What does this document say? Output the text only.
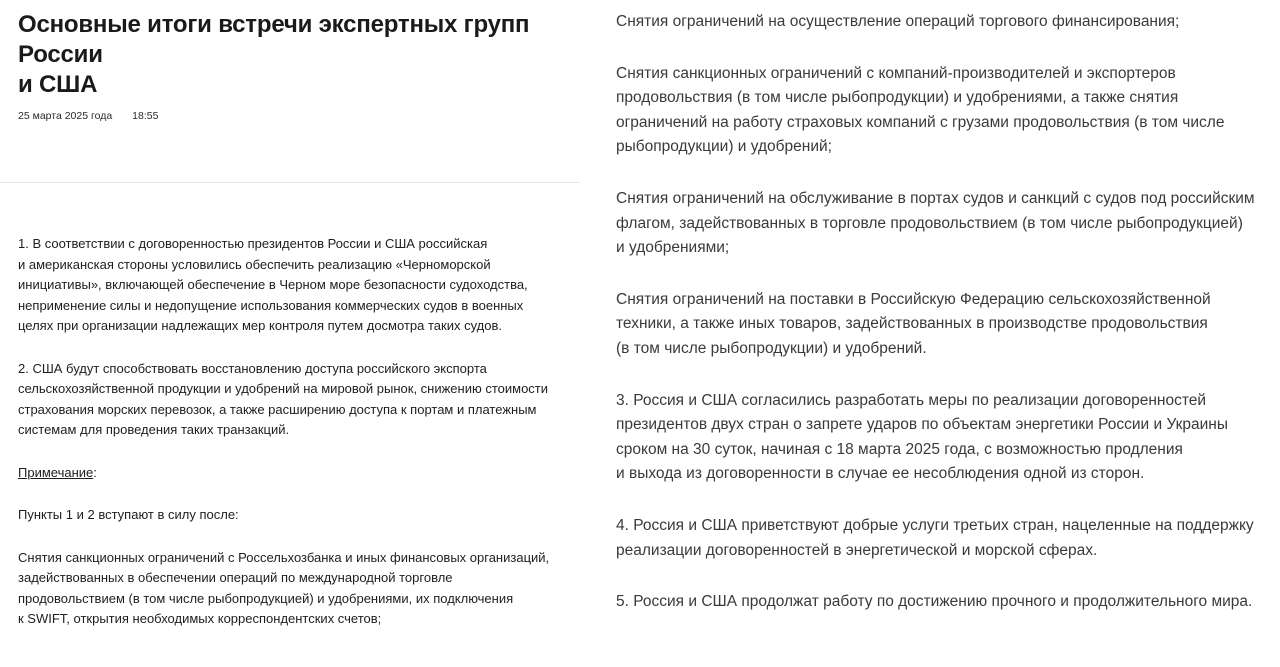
Основные итоги встречи экспертных групп России
и США
25 марта 2025 года 18:55
1. В соответствии с договоренностью президентов России и США российская
и американская стороны условились обеспечить реализацию «Черноморской
инициативы», включающей обеспечение в Черном море безопасности судоходства,
неприменение силы и недопущение использования коммерческих судов в военных
целях при организации надлежащих мер контроля путем досмотра таких судов.
2. США будут способствовать восстановлению доступа российского экспорта
сельскохозяйственной продукции и удобрений на мировой рынок, снижению стоимости
страхования морских перевозок, а также расширению доступа к портам и платежным
системам для проведения таких транзакций.
Примечание:
Пункты 1 и 2 вступают в силу после:
Снятия санкционных ограничений с Россельхозбанка и иных финансовых организаций,
задействованных в обеспечении операций по международной торговле
продовольствием (в том числе рыбопродукцией) и удобрениями, их подключения
к SWIFT, открытия необходимых корреспондентских счетов;
Снятия ограничений на осуществление операций торгового финансирования;
Снятия санкционных ограничений с компаний-производителей и экспортеров
продовольствия (в том числе рыбопродукции) и удобрениями, а также снятия
ограничений на работу страховых компаний с грузами продовольствия (в том числе
рыбопродукции) и удобрений;
Снятия ограничений на обслуживание в портах судов и санкций с судов под российским
флагом, задействованных в торговле продовольствием (в том числе рыбопродукцией)
и удобрениями;
Снятия ограничений на поставки в Российскую Федерацию сельскохозяйственной
техники, а также иных товаров, задействованных в производстве продовольствия
(в том числе рыбопродукции) и удобрений.
3. Россия и США согласились разработать меры по реализации договоренностей
президентов двух стран о запрете ударов по объектам энергетики России и Украины
сроком на 30 суток, начиная с 18 марта 2025 года, с возможностью продления
и выхода из договоренности в случае ее несоблюдения одной из сторон.
4. Россия и США приветствуют добрые услуги третьих стран, нацеленные на поддержку
реализации договоренностей в энергетической и морской сферах.
5. Россия и США продолжат работу по достижению прочного и продолжительного мира.
